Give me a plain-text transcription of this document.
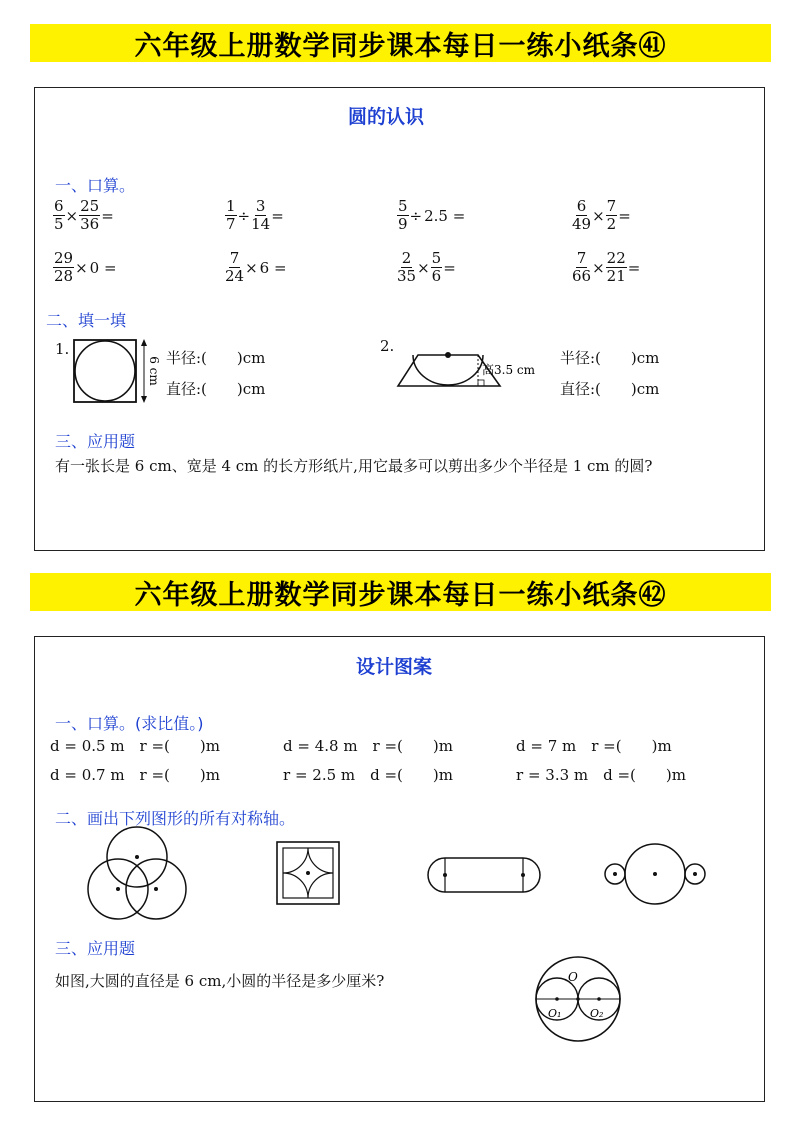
六年级上册数学同步课本每日一练小纸条㊶
圆的认识
一、口算。
$\frac{6}{5} \times \frac{25}{36}$ =	$\frac{1}{7} \div \frac{3}{14}$ =	$\frac{5}{9} \div 2.5$ =	$\frac{6}{49} \times \frac{7}{2}$ =
$\frac{29}{28} \times 0$ =	$\frac{7}{24} \times 6$ =	$\frac{2}{35} \times \frac{5}{6}$ =	$\frac{7}{66} \times \frac{22}{21}$ =
二、填一填
1.
6 cm 半径:(　　)cm
直径:(　　)cm
2.
高3.5 cm
半径:(　　)cm
直径:(　　)cm
三、应用题
有一张长是 6 cm、宽是 4 cm 的长方形纸片,用它最多可以剪出多少个半径是 1 cm 的圆?
六年级上册数学同步课本每日一练小纸条㊷
设计图案
一、口算。(求比值。)
d = 0.5 m　r =(　　)m	d = 4.8 m　r =(　　)m	d = 7 m　r =(　　)m
d = 0.7 m　r =(　　)m	r = 2.5 m　d =(　　)m	r = 3.3 m　d =(　　)m
二、画出下列图形的所有对称轴。
三、应用题
如图,大圆的直径是 6 cm,小圆的半径是多少厘米?	O
O₁	O₂
